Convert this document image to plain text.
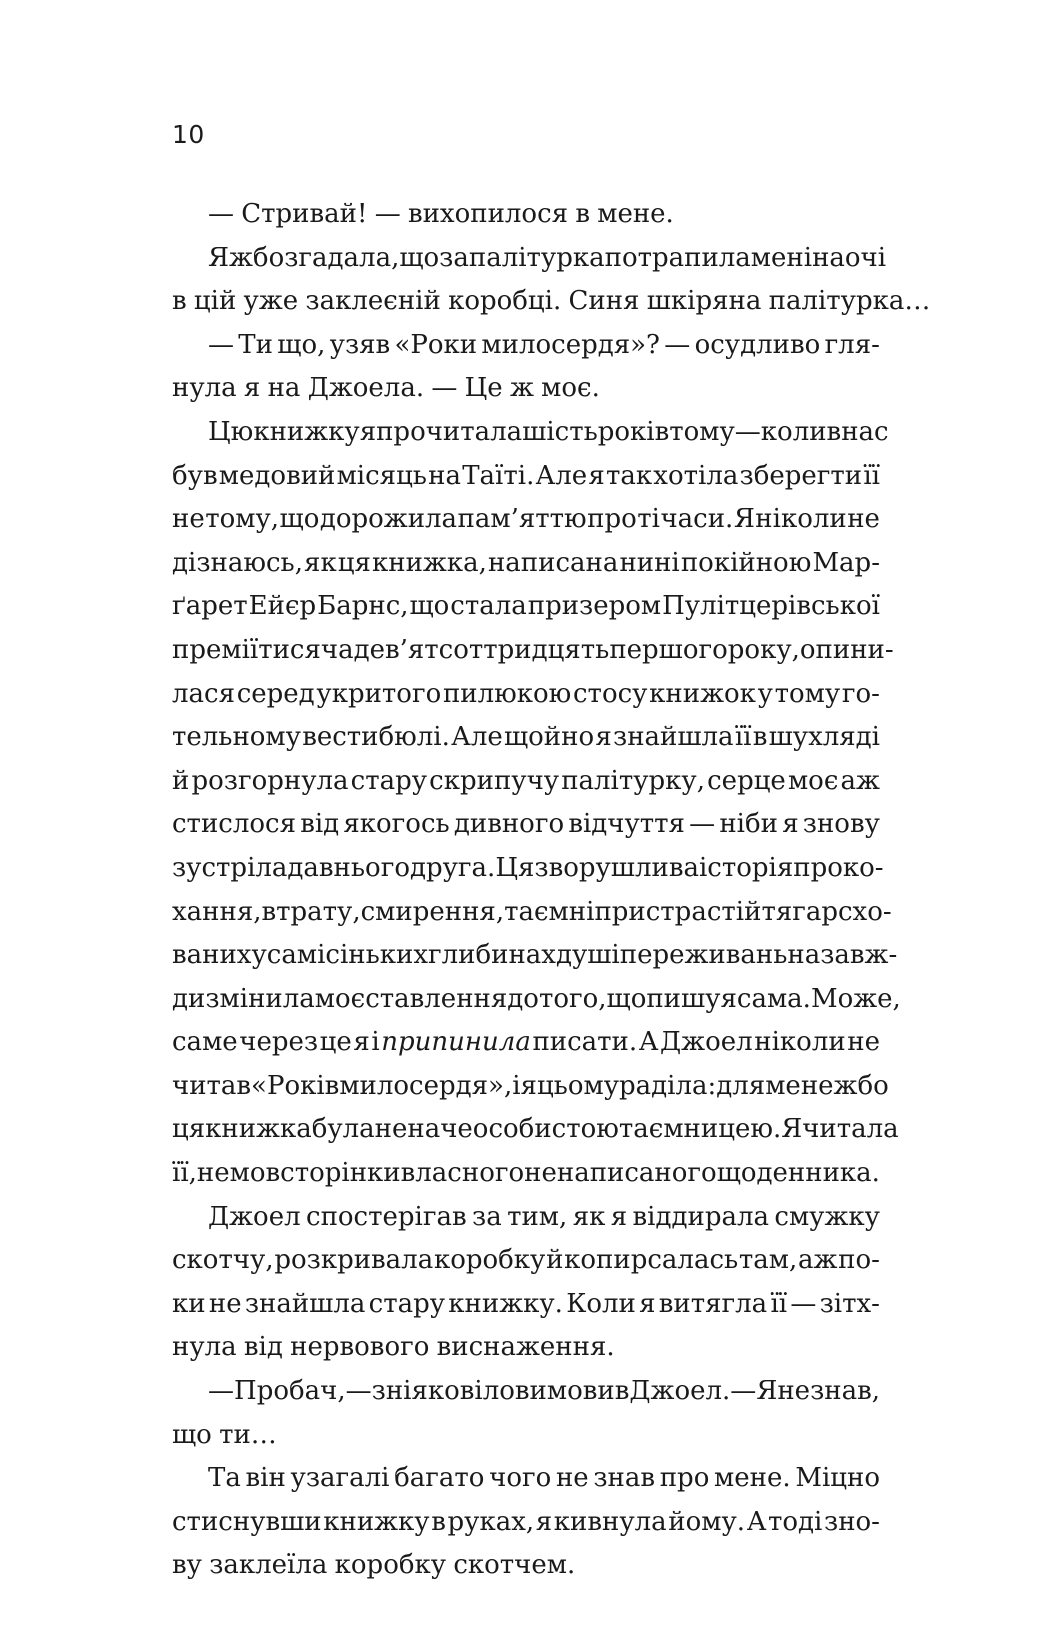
10
— Стривай! — вихопилося в мене.
Я ж бо згадала, що за палітурка потрапила мені на очі
в цій уже заклеєній коробці. Синя шкіряна палітурка…
— Ти що, узяв «Роки милосердя»? — осудливо гля-
нула я на Джоела. — Це ж моє.
Цю книжку я прочитала шість років тому — коли в нас
був медовий місяць на Таїті. Але я так хотіла зберегти її
не тому, що дорожила пам’яттю про ті часи. Я ніколи не
дізнаюсь, як ця книжка, написана нині покійною Мар-
ґарет Ейєр Барнс, що стала призером Пулітцерівської
премії тисяча дев’ятсот тридцять першого року, опини-
лася серед укритого пилюкою стосу книжок у тому го-
тельному вестибюлі. Але щойно я знайшла її в шухляді
й розгорнула стару скрипучу палітурку, серце моє аж
стислося від якогось дивного відчуття — ніби я знову
зустріла давнього друга. Ця зворушлива історія про ко-
хання, втрату, смирення, таємні пристрасті й тягар схо-
ваних у самісіньких глибинах душі переживань назавж-
ди змінила моє ставлення до того, що пишу я сама. Може,
саме через це я і припинила писати. А Джоел ніколи не
читав «Років милосердя», і я цьому раділа: для мене ж бо
ця книжка була неначе особистою таємницею. Я читала
її, немов сторінки власного ненаписаного щоденника.
Джоел спостерігав за тим, як я віддирала смужку
скотчу, розкривала коробку й копирсалась там, аж по-
ки не знайшла стару книжку. Коли я витягла її — зітх-
нула від нервового виснаження.
— Пробач, — зніяковіло вимовив Джоел. — Я не знав,
що ти…
Та він узагалі багато чого не знав про мене. Міцно
стиснувши книжку в руках, я кивнула йому. А тоді зно-
ву заклеїла коробку скотчем.
